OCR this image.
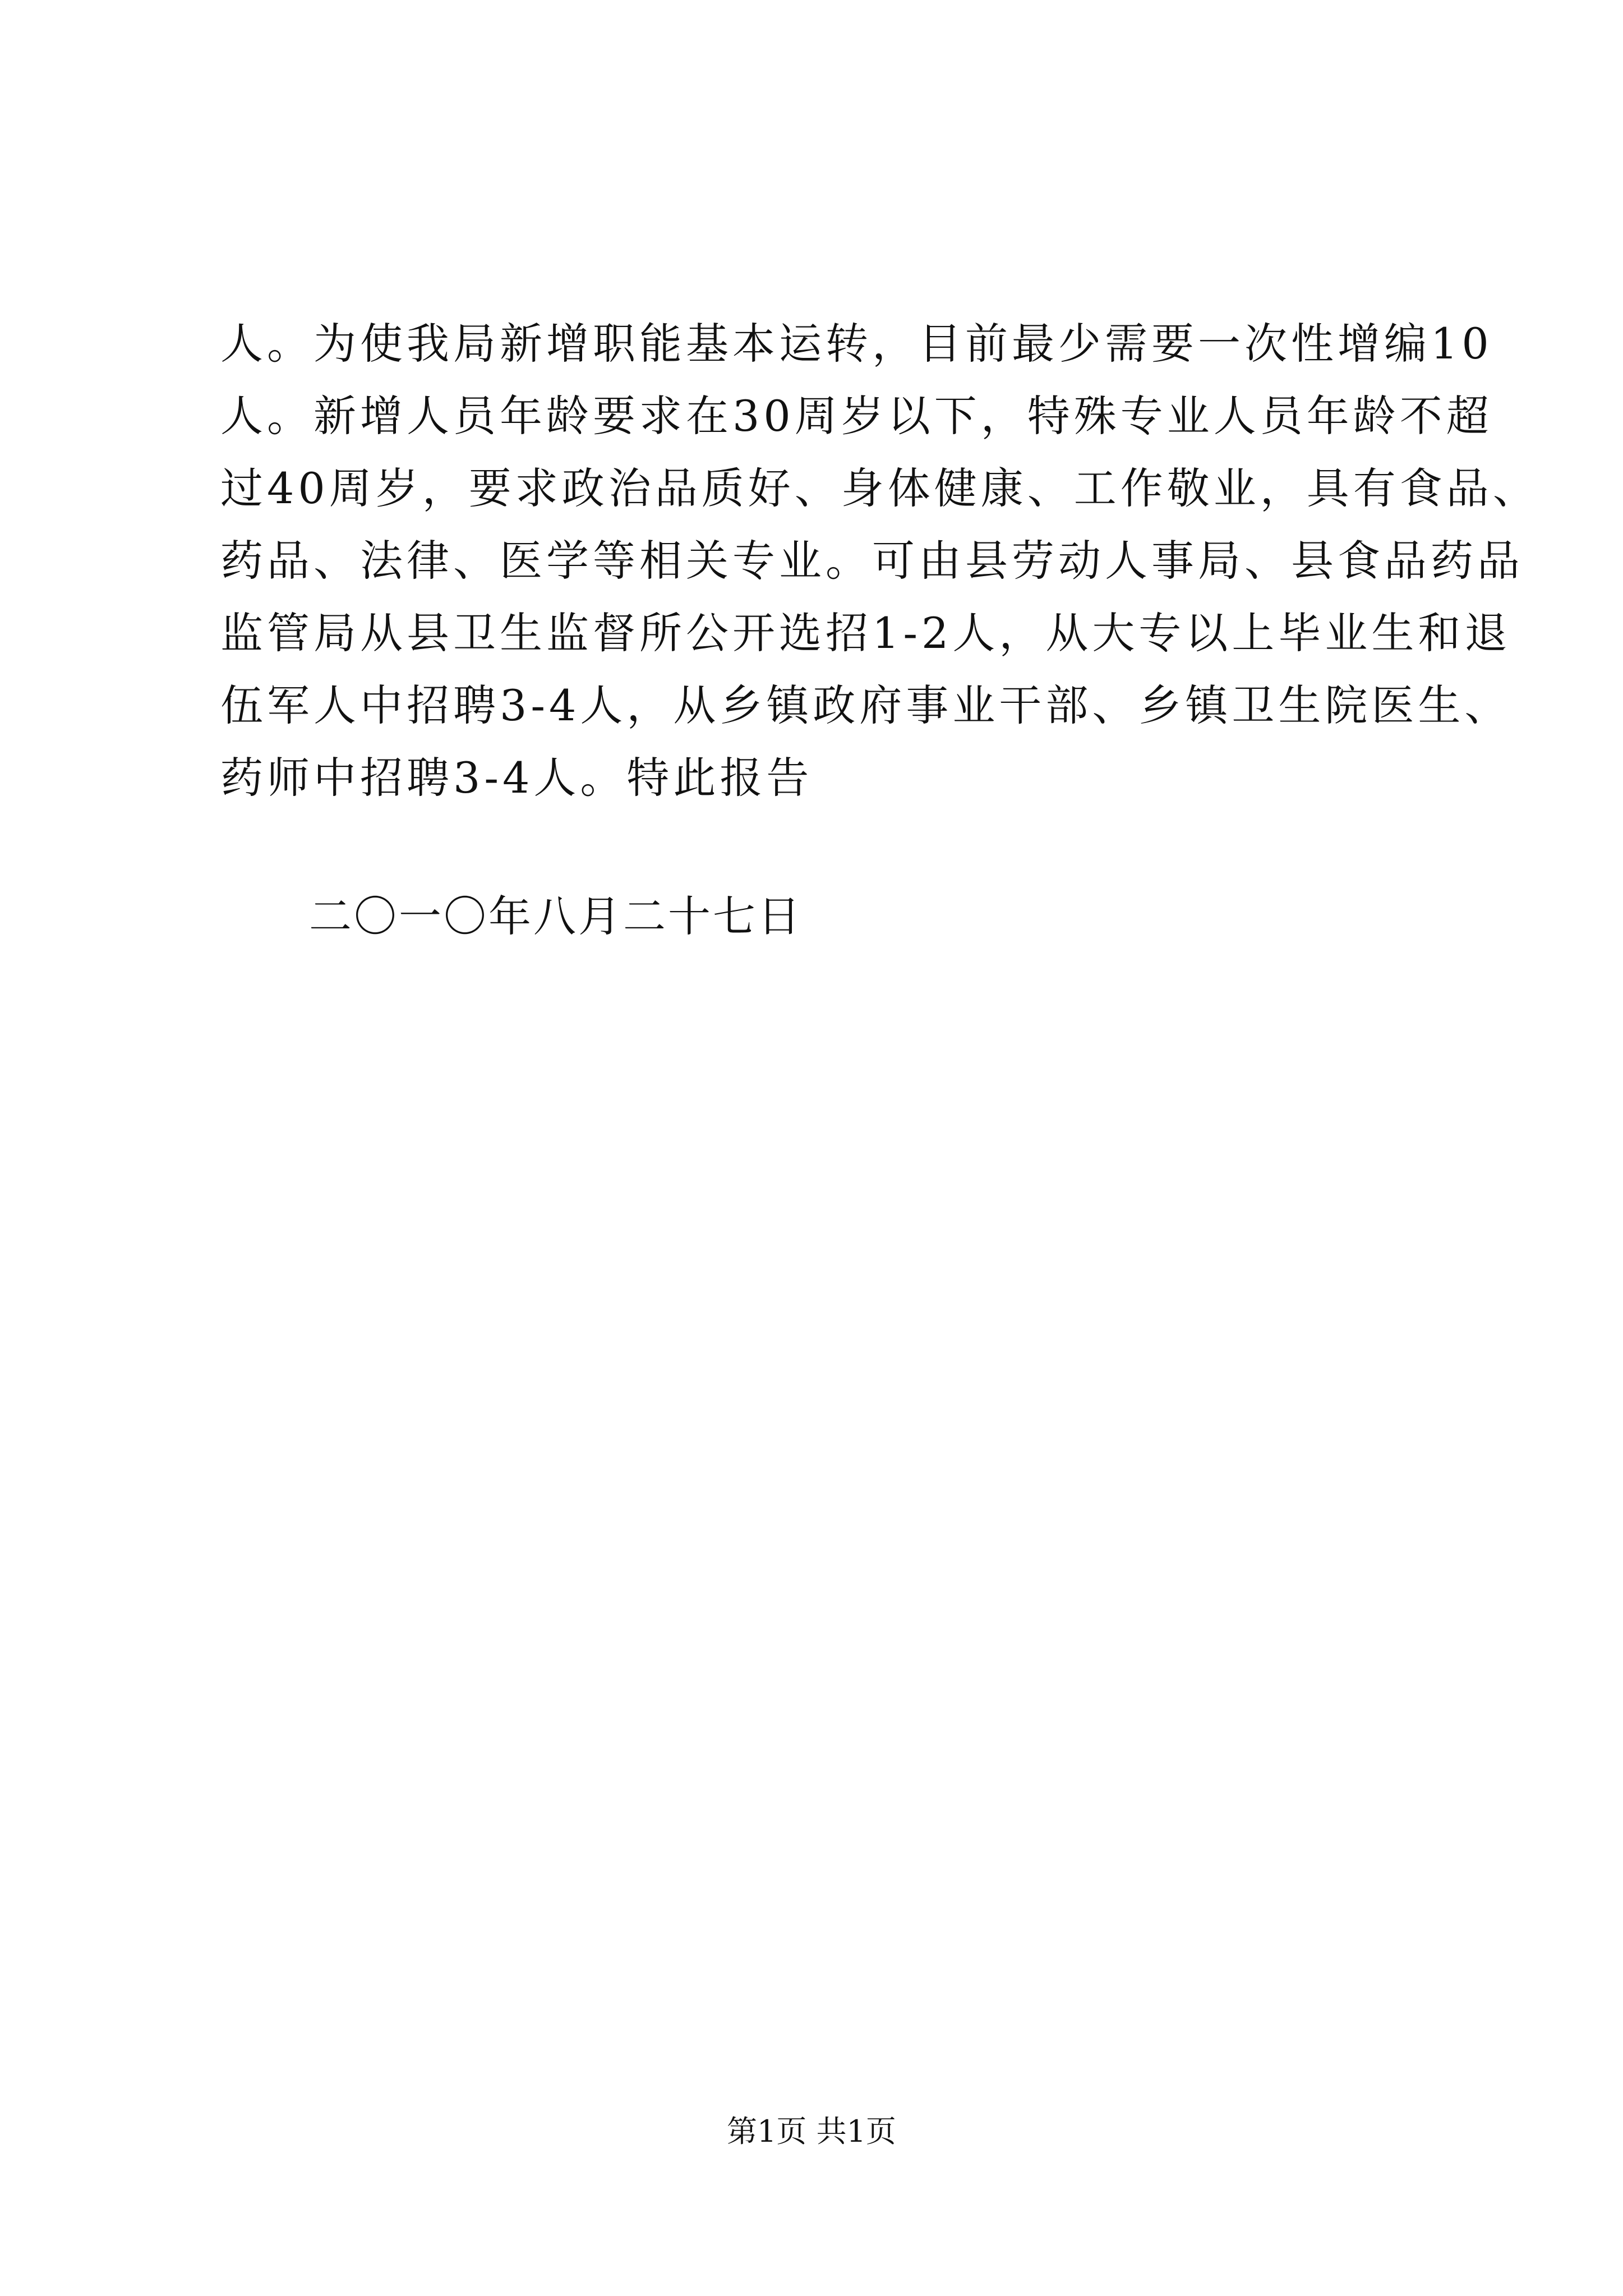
人。为使我局新增职能基本运转，目前最少需要一次性增编10
人。新增人员年龄要求在30周岁以下，特殊专业人员年龄不超
过40周岁，要求政治品质好、身体健康、工作敬业，具有食品、
药品、法律、医学等相关专业。可由县劳动人事局、县食品药品
监管局从县卫生监督所公开选招1-2人，从大专以上毕业生和退
伍军人中招聘3-4人，从乡镇政府事业干部、乡镇卫生院医生、
药师中招聘3-4人。特此报告
二〇一〇年八月二十七日
第1页 共1页
